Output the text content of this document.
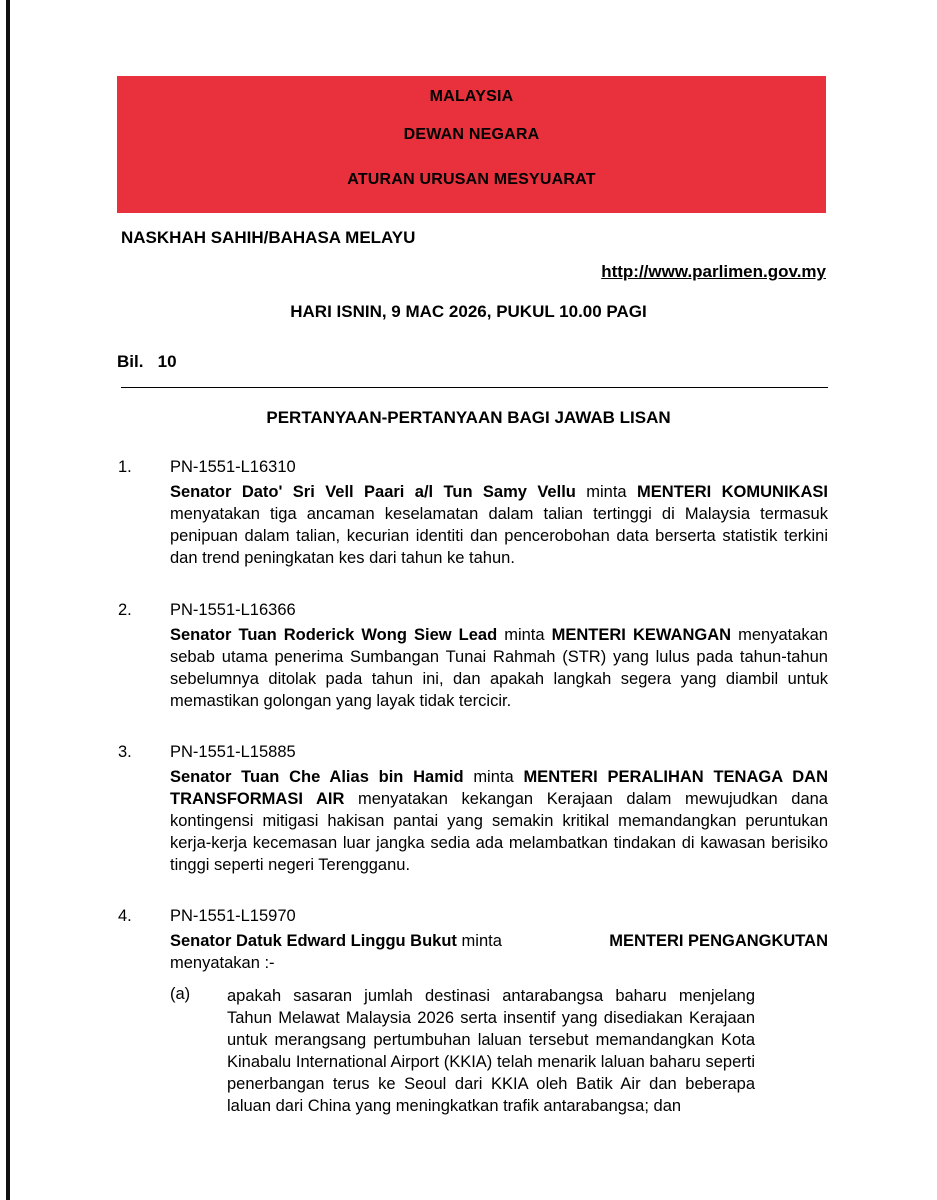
MALAYSIA
DEWAN NEGARA
ATURAN URUSAN MESYUARAT
NASKHAH SAHIH/BAHASA MELAYU
http://www.parlimen.gov.my
HARI ISNIN, 9 MAC 2026, PUKUL 10.00 PAGI
Bil. 10
PERTANYAAN-PERTANYAAN BAGI JAWAB LISAN
1. PN-1551-L16310
Senator Dato' Sri Vell Paari a/l Tun Samy Vellu minta MENTERI KOMUNIKASI menyatakan tiga ancaman keselamatan dalam talian tertinggi di Malaysia termasuk penipuan dalam talian, kecurian identiti dan pencerobohan data berserta statistik terkini dan trend peningkatan kes dari tahun ke tahun.
2. PN-1551-L16366
Senator Tuan Roderick Wong Siew Lead minta MENTERI KEWANGAN menyatakan sebab utama penerima Sumbangan Tunai Rahmah (STR) yang lulus pada tahun-tahun sebelumnya ditolak pada tahun ini, dan apakah langkah segera yang diambil untuk memastikan golongan yang layak tidak tercicir.
3. PN-1551-L15885
Senator Tuan Che Alias bin Hamid minta MENTERI PERALIHAN TENAGA DAN TRANSFORMASI AIR menyatakan kekangan Kerajaan dalam mewujudkan dana kontingensi mitigasi hakisan pantai yang semakin kritikal memandangkan peruntukan kerja-kerja kecemasan luar jangka sedia ada melambatkan tindakan di kawasan berisiko tinggi seperti negeri Terengganu.
4. PN-1551-L15970
Senator Datuk Edward Linggu Bukut minta	MENTERI PENGANGKUTAN
menyatakan :-
(a) apakah sasaran jumlah destinasi antarabangsa baharu menjelang Tahun Melawat Malaysia 2026 serta insentif yang disediakan Kerajaan untuk merangsang pertumbuhan laluan tersebut memandangkan Kota Kinabalu International Airport (KKIA) telah menarik laluan baharu seperti penerbangan terus ke Seoul dari KKIA oleh Batik Air dan beberapa laluan dari China yang meningkatkan trafik antarabangsa; dan
